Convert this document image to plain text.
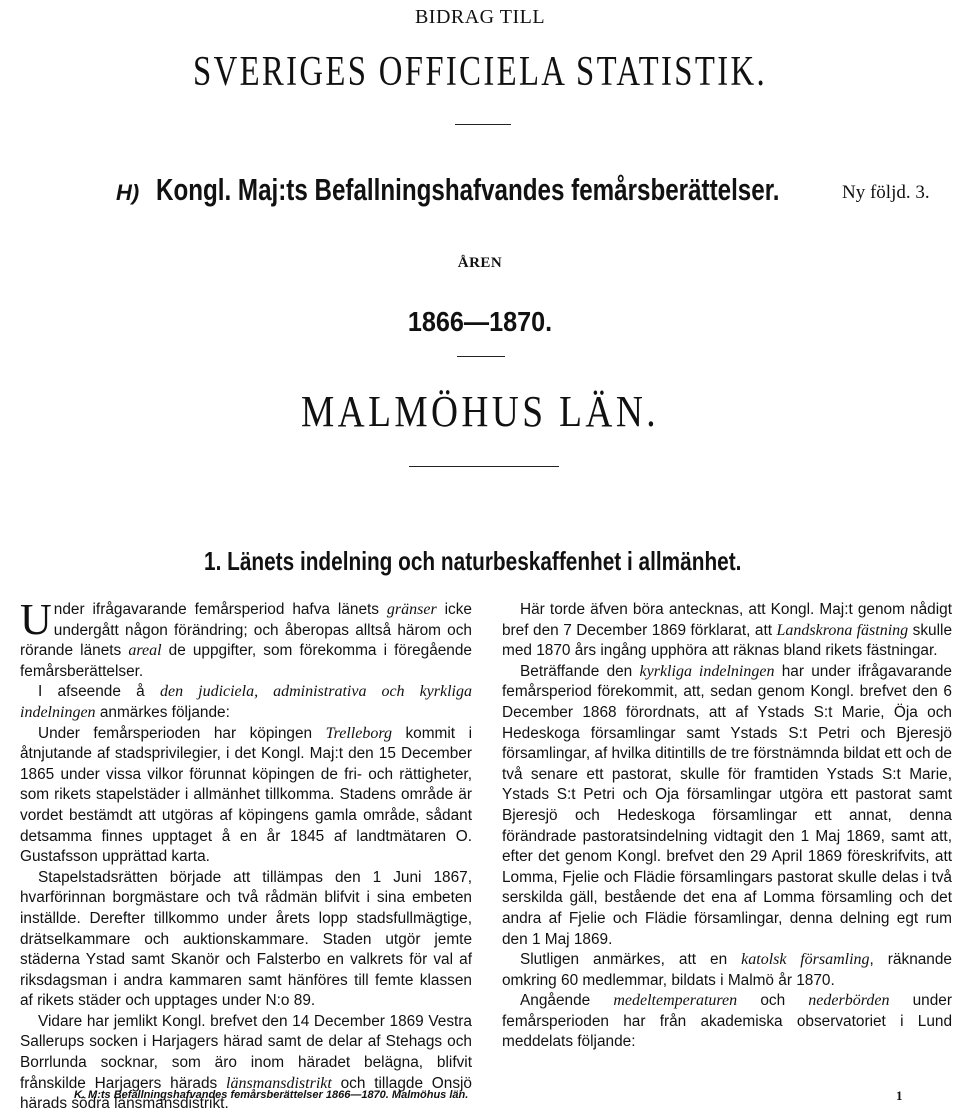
BIDRAG TILL
SVERIGES OFFICIELA STATISTIK.
H) Kongl. Maj:ts Befallningshafvandes femårsberättelser.	Ny följd. 3.
ÅREN
1866—1870.
MALMÖHUS LÄN.
1. Länets indelning och naturbeskaffenhet i allmänhet.

Under ifrågavarande femårsperiod hafva länets gränser icke undergått någon förändring; och åberopas alltså härom och rörande länets areal de uppgifter, som förekomma i föregående femårsberättelser.

I afseende å den judiciela, administrativa och kyrkliga indelningen anmärkes följande:

Under femårsperioden har köpingen Trelleborg kommit i åtnjutande af stadsprivilegier, i det Kongl. Maj:t den 15 December 1865 under vissa vilkor förunnat köpingen de fri- och rättigheter, som rikets stapelstäder i allmänhet tillkomma. Stadens område är vordet bestämdt att utgöras af köpingens gamla område, sådant detsamma finnes upptaget å en år 1845 af landtmätaren O. Gustafsson upprättad karta.

Stapelstadsrätten började att tillämpas den 1 Juni 1867, hvarförinnan borgmästare och två rådmän blifvit i sina embeten inställde. Derefter tillkommo under årets lopp stadsfullmägtige, drätselkammare och auktionskammare. Staden utgör jemte städerna Ystad samt Skanör och Falsterbo en valkrets för val af riksdagsman i andra kammaren samt hänföres till femte klassen af rikets städer och upptages under N:o 89.

Vidare har jemlikt Kongl. brefvet den 14 December 1869 Vestra Sallerups socken i Harjagers härad samt de delar af Stehags och Borrlunda socknar, som äro inom häradet belägna, blifvit frånskilde Harjagers härads länsmansdistrikt och tillagde Onsjö härads södra länsmansdistrikt.

Här torde äfven böra antecknas, att Kongl. Maj:t genom nådigt bref den 7 December 1869 förklarat, att Landskrona fästning skulle med 1870 års ingång upphöra att räknas bland rikets fästningar.

Beträffande den kyrkliga indelningen har under ifrågavarande femårsperiod förekommit, att, sedan genom Kongl. brefvet den 6 December 1868 förordnats, att af Ystads S:t Marie, Öja och Hedeskoga församlingar samt Ystads S:t Petri och Bjeresjö församlingar, af hvilka ditintills de tre förstnämnda bildat ett och de två senare ett pastorat, skulle för framtiden Ystads S:t Marie, Ystads S:t Petri och Oja församlingar utgöra ett pastorat samt Bjeresjö och Hedeskoga församlingar ett annat, denna förändrade pastoratsindelning vidtagit den 1 Maj 1869, samt att, efter det genom Kongl. brefvet den 29 April 1869 föreskrifvits, att Lomma, Fjelie och Flädie församlingars pastorat skulle delas i två serskilda gäll, bestående det ena af Lomma församling och det andra af Fjelie och Flädie församlingar, denna delning egt rum den 1 Maj 1869.

Slutligen anmärkes, att en katolsk församling, räknande omkring 60 medlemmar, bildats i Malmö år 1870.

Angående medeltemperaturen och nederbörden under femårsperioden har från akademiska observatoriet i Lund meddelats följande:

K. M:ts Befallningshafvandes femårsberättelser 1866—1870. Malmöhus län.	1
